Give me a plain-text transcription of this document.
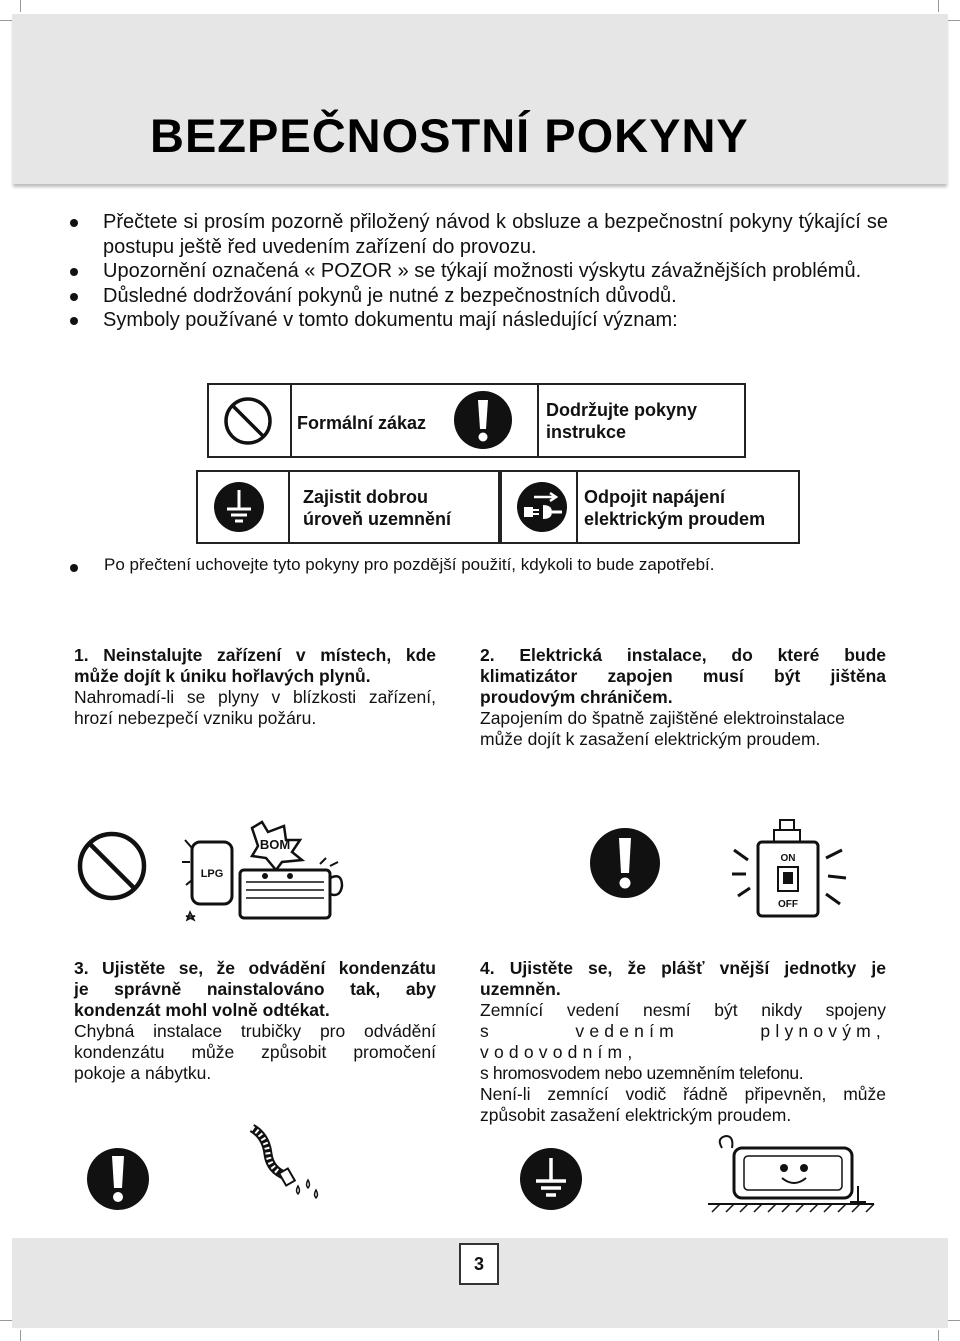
BEZPEČNOSTNÍ POKYNY
Přečtete si prosím pozorně přiložený návod k obsluze a bezpečnostní pokyny týkající se postupu ještě řed uvedením zařízení do provozu.
Upozornění označená « POZOR » se týkají možnosti výskytu závažnějších problémů.
Důsledné dodržování pokynů je nutné z bezpečnostních důvodů.
Symboly používané v tomto dokumentu mají následující význam:
Formální zákaz
Dodržujte pokyny
instrukce
Zajistit dobrou
úroveň uzemnění
Odpojit napájení
elektrickým proudem
Po přečtení uchovejte tyto pokyny pro pozdější použití, kdykoli to bude zapotřebí.
1. Neinstalujte zařízení v místech, kde
může dojít k úniku hořlavých plynů.
Nahromadí-li se plyny v blízkosti zařízení,
hrozí nebezpečí vzniku požáru.
2. Elektrická instalace, do které bude
klimatizátor zapojen musí být jištěna
proudovým chráničem.
Zapojením do špatně zajištěné elektroinstalace
může dojít k zasažení elektrickým proudem.
LPG
BOM
ON
OFF
3. Ujistěte se, že odvádění kondenzátu
je správně nainstalováno tak, aby
kondenzát mohl volně odtékat.
Chybná instalace trubičky pro odvádění
kondenzátu může způsobit promočení
pokoje a nábytku.
4. Ujistěte se, že plášť vnější jednotky je
uzemněn.
Zemnící vedení nesmí být nikdy spojeny
s vedením plynovým, vodovodním,
s hromosvodem nebo uzemněním telefonu.
Není-li zemnící vodič řádně připevněn, může
způsobit zasažení elektrickým proudem.
3
